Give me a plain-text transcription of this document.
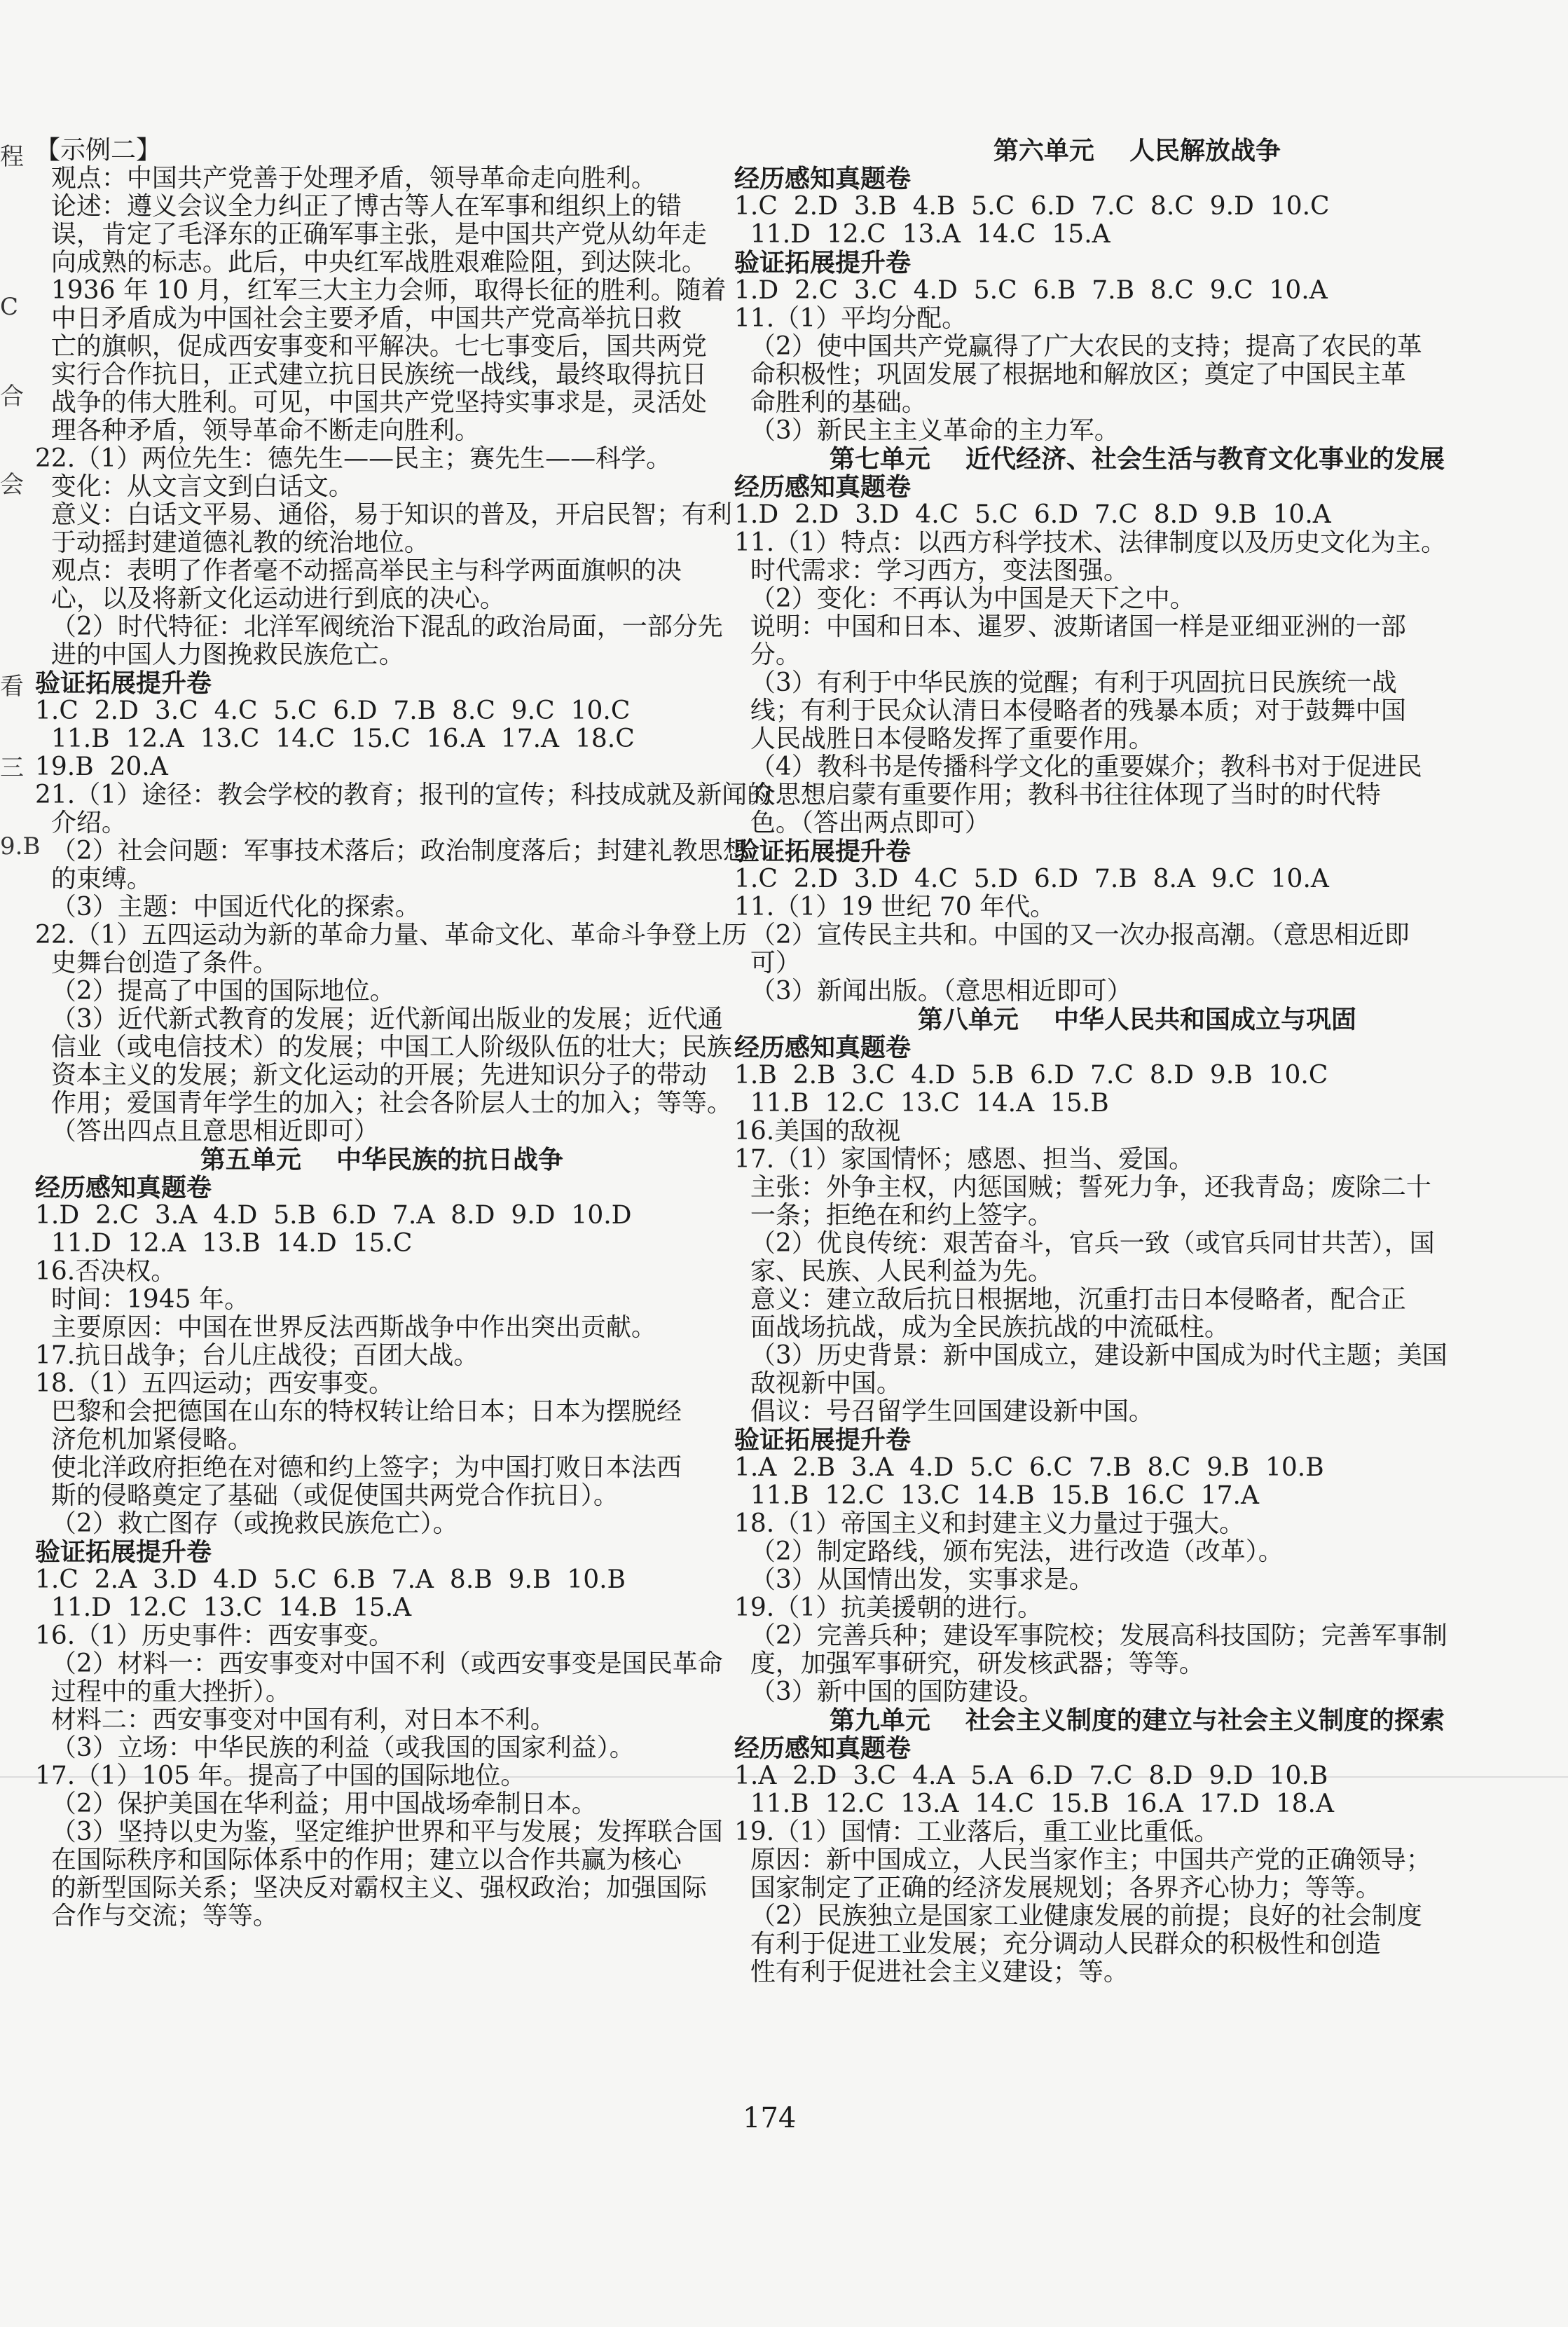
程
C
合
会
看
三
9.B
【示例二】
观点：中国共产党善于处理矛盾，领导革命走向胜利。
论述：遵义会议全力纠正了博古等人在军事和组织上的错
误，肯定了毛泽东的正确军事主张，是中国共产党从幼年走
向成熟的标志。此后，中央红军战胜艰难险阻，到达陕北。
1936 年 10 月，红军三大主力会师，取得长征的胜利。随着
中日矛盾成为中国社会主要矛盾，中国共产党高举抗日救
亡的旗帜，促成西安事变和平解决。七七事变后，国共两党
实行合作抗日，正式建立抗日民族统一战线，最终取得抗日
战争的伟大胜利。可见，中国共产党坚持实事求是，灵活处
理各种矛盾，领导革命不断走向胜利。
22.（1）两位先生：德先生——民主；赛先生——科学。
变化：从文言文到白话文。
意义：白话文平易、通俗，易于知识的普及，开启民智；有利
于动摇封建道德礼教的统治地位。
观点：表明了作者毫不动摇高举民主与科学两面旗帜的决
心，以及将新文化运动进行到底的决心。
（2）时代特征：北洋军阀统治下混乱的政治局面，一部分先
进的中国人力图挽救民族危亡。
验证拓展提升卷
1.C  2.D  3.C  4.C  5.C  6.D  7.B  8.C  9.C  10.C
11.B  12.A  13.C  14.C  15.C  16.A  17.A  18.C
19.B  20.A
21.（1）途径：教会学校的教育；报刊的宣传；科技成就及新闻的
介绍。
（2）社会问题：军事技术落后；政治制度落后；封建礼教思想
的束缚。
（3）主题：中国近代化的探索。
22.（1）五四运动为新的革命力量、革命文化、革命斗争登上历
史舞台创造了条件。
（2）提高了中国的国际地位。
（3）近代新式教育的发展；近代新闻出版业的发展；近代通
信业（或电信技术）的发展；中国工人阶级队伍的壮大；民族
资本主义的发展；新文化运动的开展；先进知识分子的带动
作用；爱国青年学生的加入；社会各阶层人士的加入；等等。
（答出四点且意思相近即可）
第五单元    中华民族的抗日战争
经历感知真题卷
1.D  2.C  3.A  4.D  5.B  6.D  7.A  8.D  9.D  10.D
11.D  12.A  13.B  14.D  15.C
16.否决权。
时间：1945 年。
主要原因：中国在世界反法西斯战争中作出突出贡献。
17.抗日战争；台儿庄战役；百团大战。
18.（1）五四运动；西安事变。
巴黎和会把德国在山东的特权转让给日本；日本为摆脱经
济危机加紧侵略。
使北洋政府拒绝在对德和约上签字；为中国打败日本法西
斯的侵略奠定了基础（或促使国共两党合作抗日）。
（2）救亡图存（或挽救民族危亡）。
验证拓展提升卷
1.C  2.A  3.D  4.D  5.C  6.B  7.A  8.B  9.B  10.B
11.D  12.C  13.C  14.B  15.A
16.（1）历史事件：西安事变。
（2）材料一：西安事变对中国不利（或西安事变是国民革命
过程中的重大挫折）。
材料二：西安事变对中国有利，对日本不利。
（3）立场：中华民族的利益（或我国的国家利益）。
17.（1）105 年。提高了中国的国际地位。
（2）保护美国在华利益；用中国战场牵制日本。
（3）坚持以史为鉴，坚定维护世界和平与发展；发挥联合国
在国际秩序和国际体系中的作用；建立以合作共赢为核心
的新型国际关系；坚决反对霸权主义、强权政治；加强国际
合作与交流；等等。
第六单元    人民解放战争
经历感知真题卷
1.C  2.D  3.B  4.B  5.C  6.D  7.C  8.C  9.D  10.C
11.D  12.C  13.A  14.C  15.A
验证拓展提升卷
1.D  2.C  3.C  4.D  5.C  6.B  7.B  8.C  9.C  10.A
11.（1）平均分配。
（2）使中国共产党赢得了广大农民的支持；提高了农民的革
命积极性；巩固发展了根据地和解放区；奠定了中国民主革
命胜利的基础。
（3）新民主主义革命的主力军。
第七单元    近代经济、社会生活与教育文化事业的发展
经历感知真题卷
1.D  2.D  3.D  4.C  5.C  6.D  7.C  8.D  9.B  10.A
11.（1）特点：以西方科学技术、法律制度以及历史文化为主。
时代需求：学习西方，变法图强。
（2）变化：不再认为中国是天下之中。
说明：中国和日本、暹罗、波斯诸国一样是亚细亚洲的一部
分。
（3）有利于中华民族的觉醒；有利于巩固抗日民族统一战
线；有利于民众认清日本侵略者的残暴本质；对于鼓舞中国
人民战胜日本侵略发挥了重要作用。
（4）教科书是传播科学文化的重要媒介；教科书对于促进民
众思想启蒙有重要作用；教科书往往体现了当时的时代特
色。（答出两点即可）
验证拓展提升卷
1.C  2.D  3.D  4.C  5.D  6.D  7.B  8.A  9.C  10.A
11.（1）19 世纪 70 年代。
（2）宣传民主共和。中国的又一次办报高潮。（意思相近即
可）
（3）新闻出版。（意思相近即可）
第八单元    中华人民共和国成立与巩固
经历感知真题卷
1.B  2.B  3.C  4.D  5.B  6.D  7.C  8.D  9.B  10.C
11.B  12.C  13.C  14.A  15.B
16.美国的敌视
17.（1）家国情怀；感恩、担当、爱国。
主张：外争主权，内惩国贼；誓死力争，还我青岛；废除二十
一条；拒绝在和约上签字。
（2）优良传统：艰苦奋斗，官兵一致（或官兵同甘共苦），国
家、民族、人民利益为先。
意义：建立敌后抗日根据地，沉重打击日本侵略者，配合正
面战场抗战，成为全民族抗战的中流砥柱。
（3）历史背景：新中国成立，建设新中国成为时代主题；美国
敌视新中国。
倡议：号召留学生回国建设新中国。
验证拓展提升卷
1.A  2.B  3.A  4.D  5.C  6.C  7.B  8.C  9.B  10.B
11.B  12.C  13.C  14.B  15.B  16.C  17.A
18.（1）帝国主义和封建主义力量过于强大。
（2）制定路线，颁布宪法，进行改造（改革）。
（3）从国情出发，实事求是。
19.（1）抗美援朝的进行。
（2）完善兵种；建设军事院校；发展高科技国防；完善军事制
度，加强军事研究，研发核武器；等等。
（3）新中国的国防建设。
第九单元    社会主义制度的建立与社会主义制度的探索
经历感知真题卷
1.A  2.D  3.C  4.A  5.A  6.D  7.C  8.D  9.D  10.B
11.B  12.C  13.A  14.C  15.B  16.A  17.D  18.A
19.（1）国情：工业落后，重工业比重低。
原因：新中国成立，人民当家作主；中国共产党的正确领导；
国家制定了正确的经济发展规划；各界齐心协力；等等。
（2）民族独立是国家工业健康发展的前提；良好的社会制度
有利于促进工业发展；充分调动人民群众的积极性和创造
性有利于促进社会主义建设；等。
174
